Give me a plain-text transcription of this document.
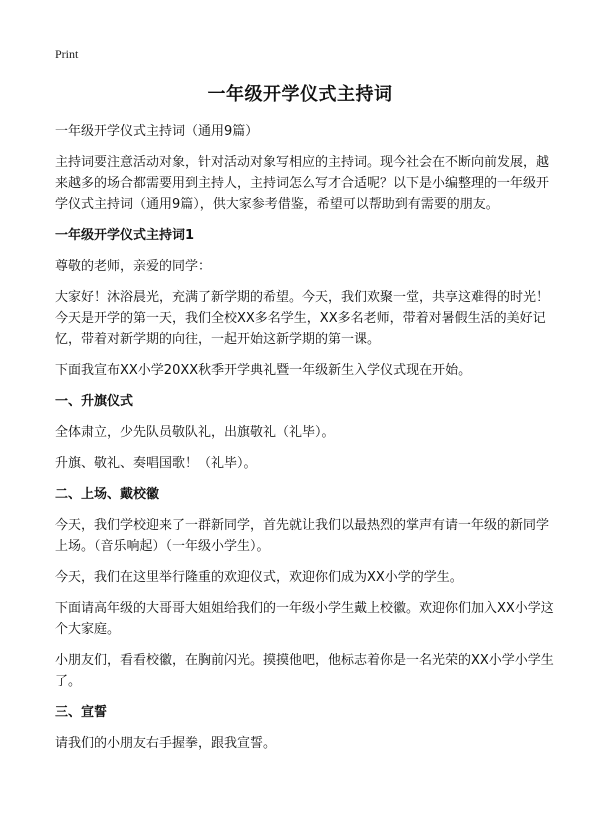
Print
一年级开学仪式主持词

一年级开学仪式主持词（通用9篇）

主持词要注意活动对象，针对活动对象写相应的主持词。现今社会在不断向前发展，越来越多的场合都需要用到主持人，主持词怎么写才合适呢？以下是小编整理的一年级开学仪式主持词（通用9篇），供大家参考借鉴，希望可以帮助到有需要的朋友。

一年级开学仪式主持词1

尊敬的老师，亲爱的同学：

大家好！沐浴晨光，充满了新学期的希望。今天，我们欢聚一堂，共享这难得的时光！今天是开学的第一天，我们全校XX多名学生，XX多名老师，带着对暑假生活的美好记忆，带着对新学期的向往，一起开始这新学期的第一课。

下面我宣布XX小学20XX秋季开学典礼暨一年级新生入学仪式现在开始。

一、升旗仪式

全体肃立，少先队员敬队礼，出旗敬礼（礼毕）。

升旗、敬礼、奏唱国歌！（礼毕）。

二、上场、戴校徽

今天，我们学校迎来了一群新同学，首先就让我们以最热烈的掌声有请一年级的新同学上场。（音乐响起）（一年级小学生）。

今天，我们在这里举行隆重的欢迎仪式，欢迎你们成为XX小学的学生。

下面请高年级的大哥哥大姐姐给我们的一年级小学生戴上校徽。欢迎你们加入XX小学这个大家庭。

小朋友们，看看校徽，在胸前闪光。摸摸他吧，他标志着你是一名光荣的XX小学小学生了。

三、宣誓

请我们的小朋友右手握拳，跟我宣誓。
